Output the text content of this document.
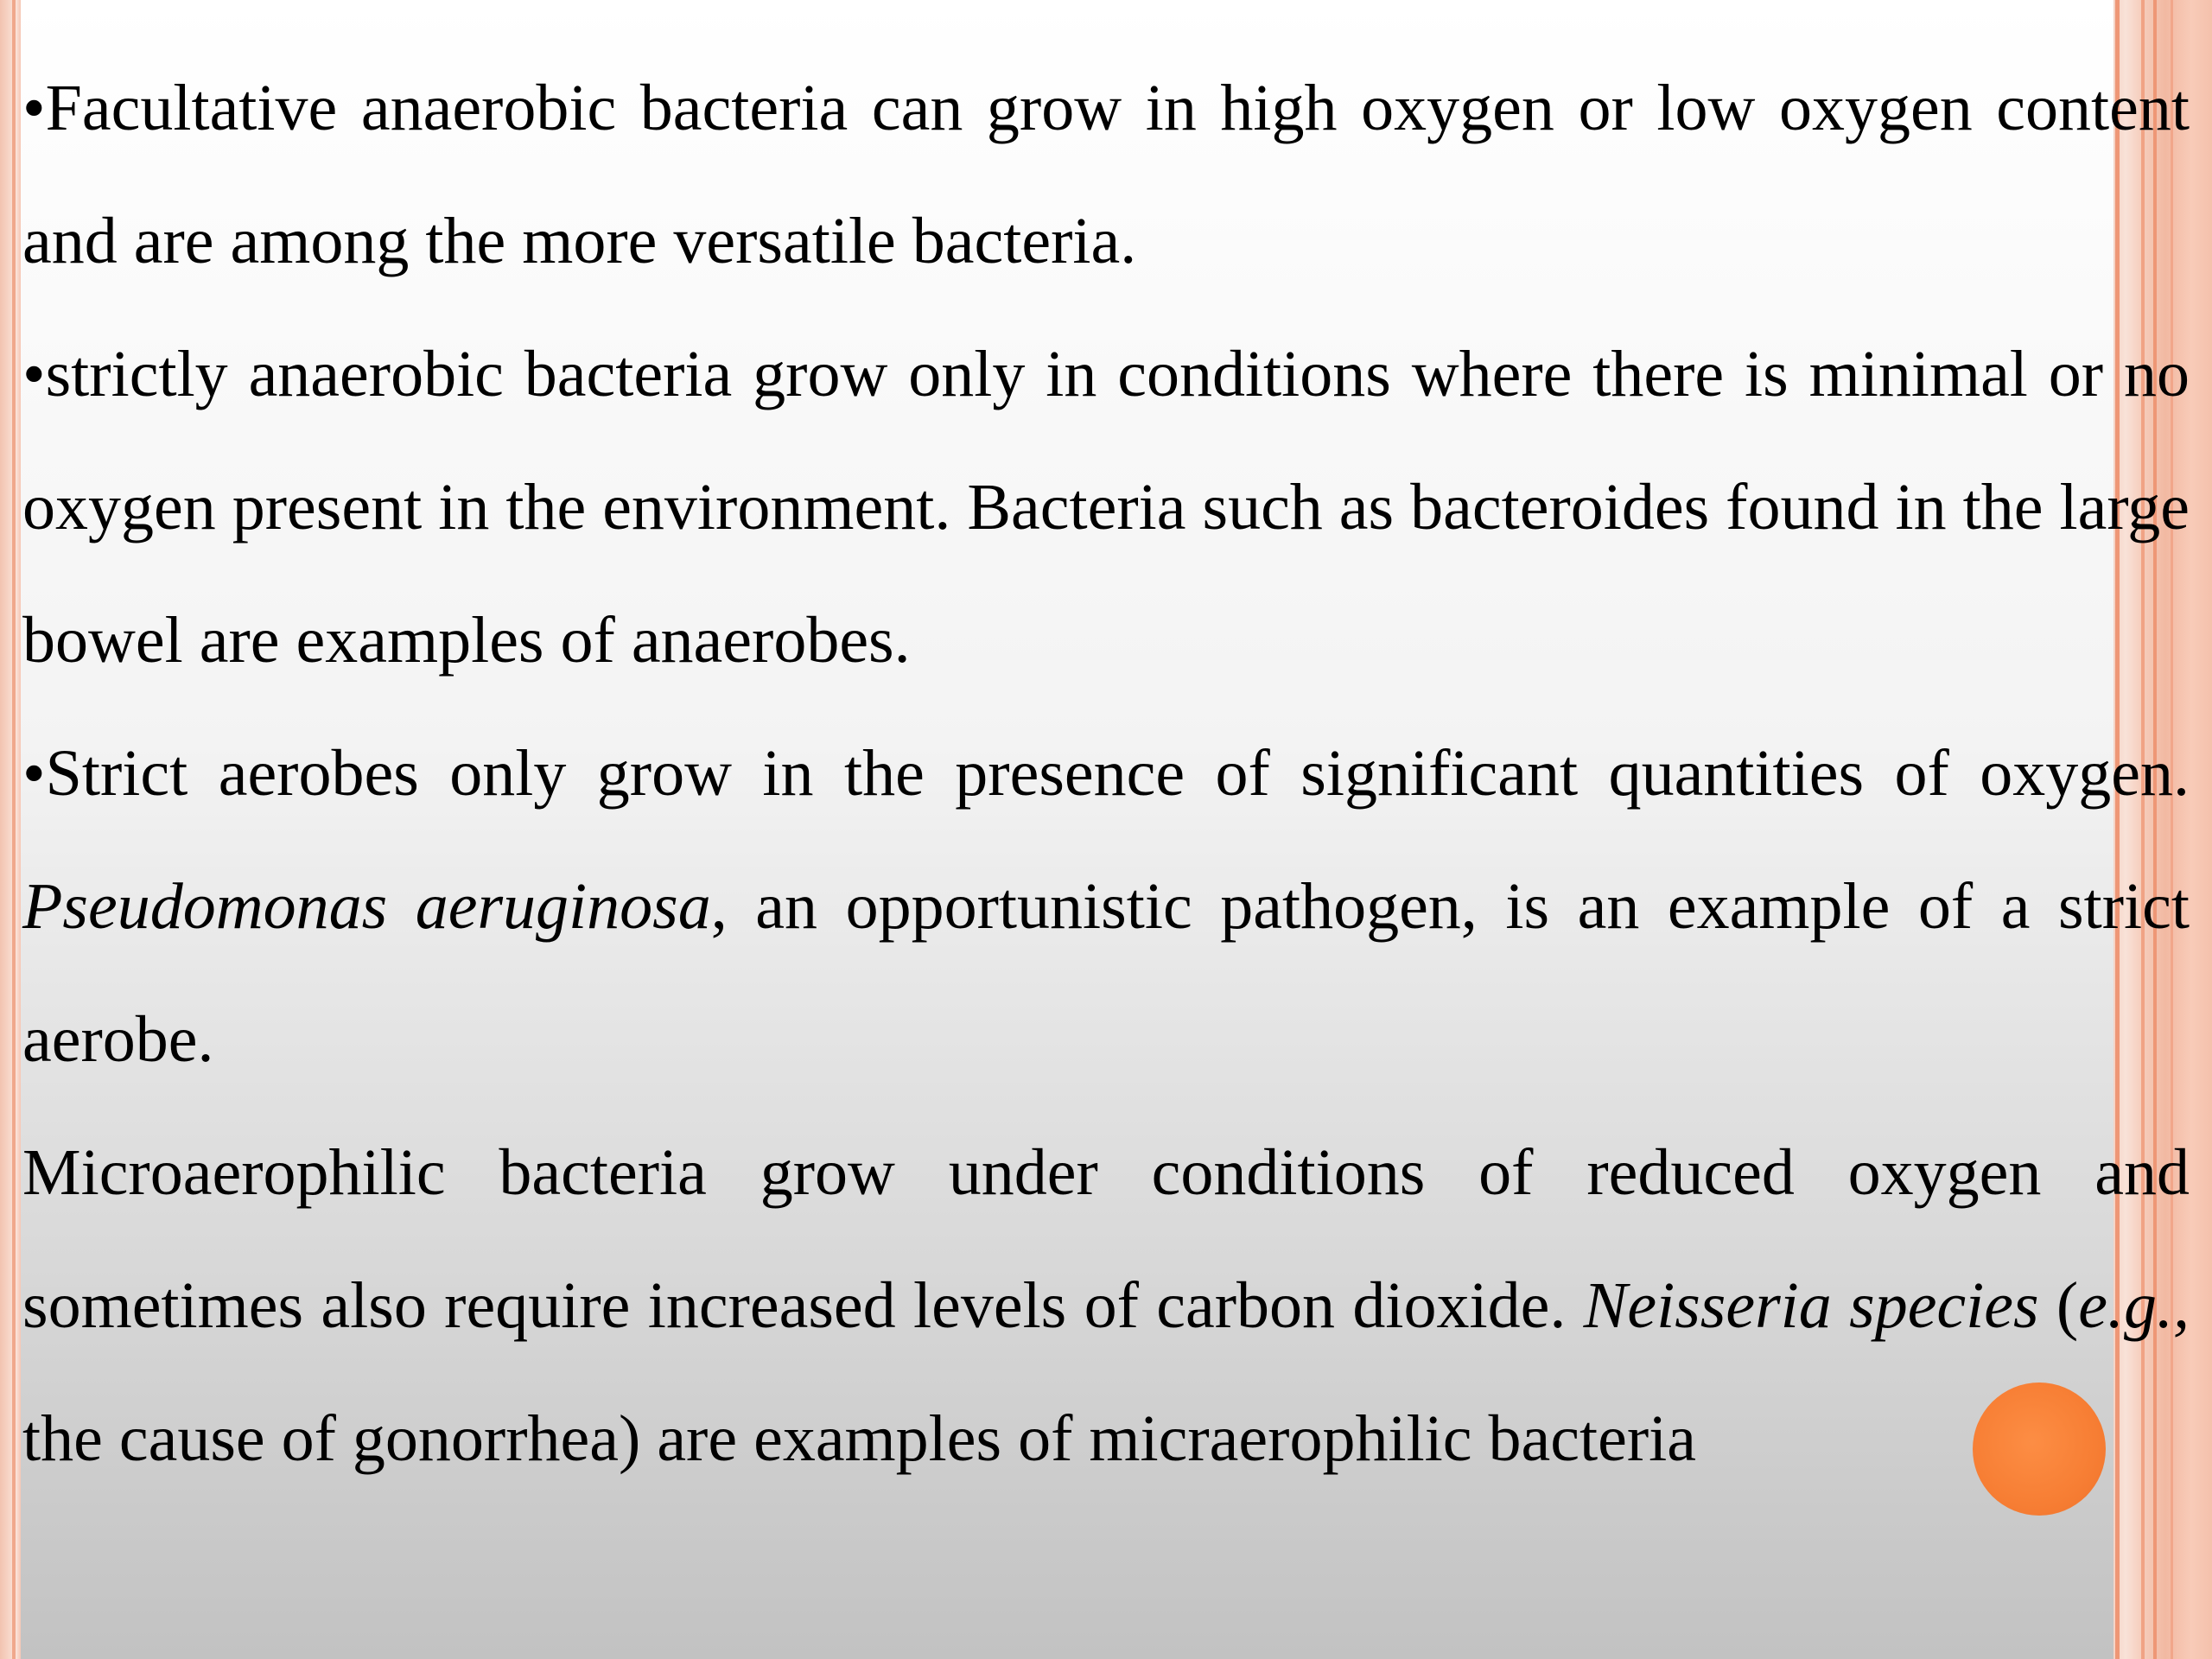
•Facultative anaerobic bacteria can grow in high oxygen or low oxygen content and are among the more versatile bacteria.

•strictly anaerobic bacteria grow only in conditions where there is minimal or no oxygen present in the environment. Bacteria such as bacteroides found in the large bowel are examples of anaerobes.

•Strict aerobes only grow in the presence of significant quantities of oxygen. Pseudomonas aeruginosa, an opportunistic pathogen, is an example of a strict aerobe.

Microaerophilic bacteria grow under conditions of reduced oxygen and sometimes also require increased levels of carbon dioxide. Neisseria species (e.g., the cause of gonorrhea) are examples of micraerophilic bacteria
